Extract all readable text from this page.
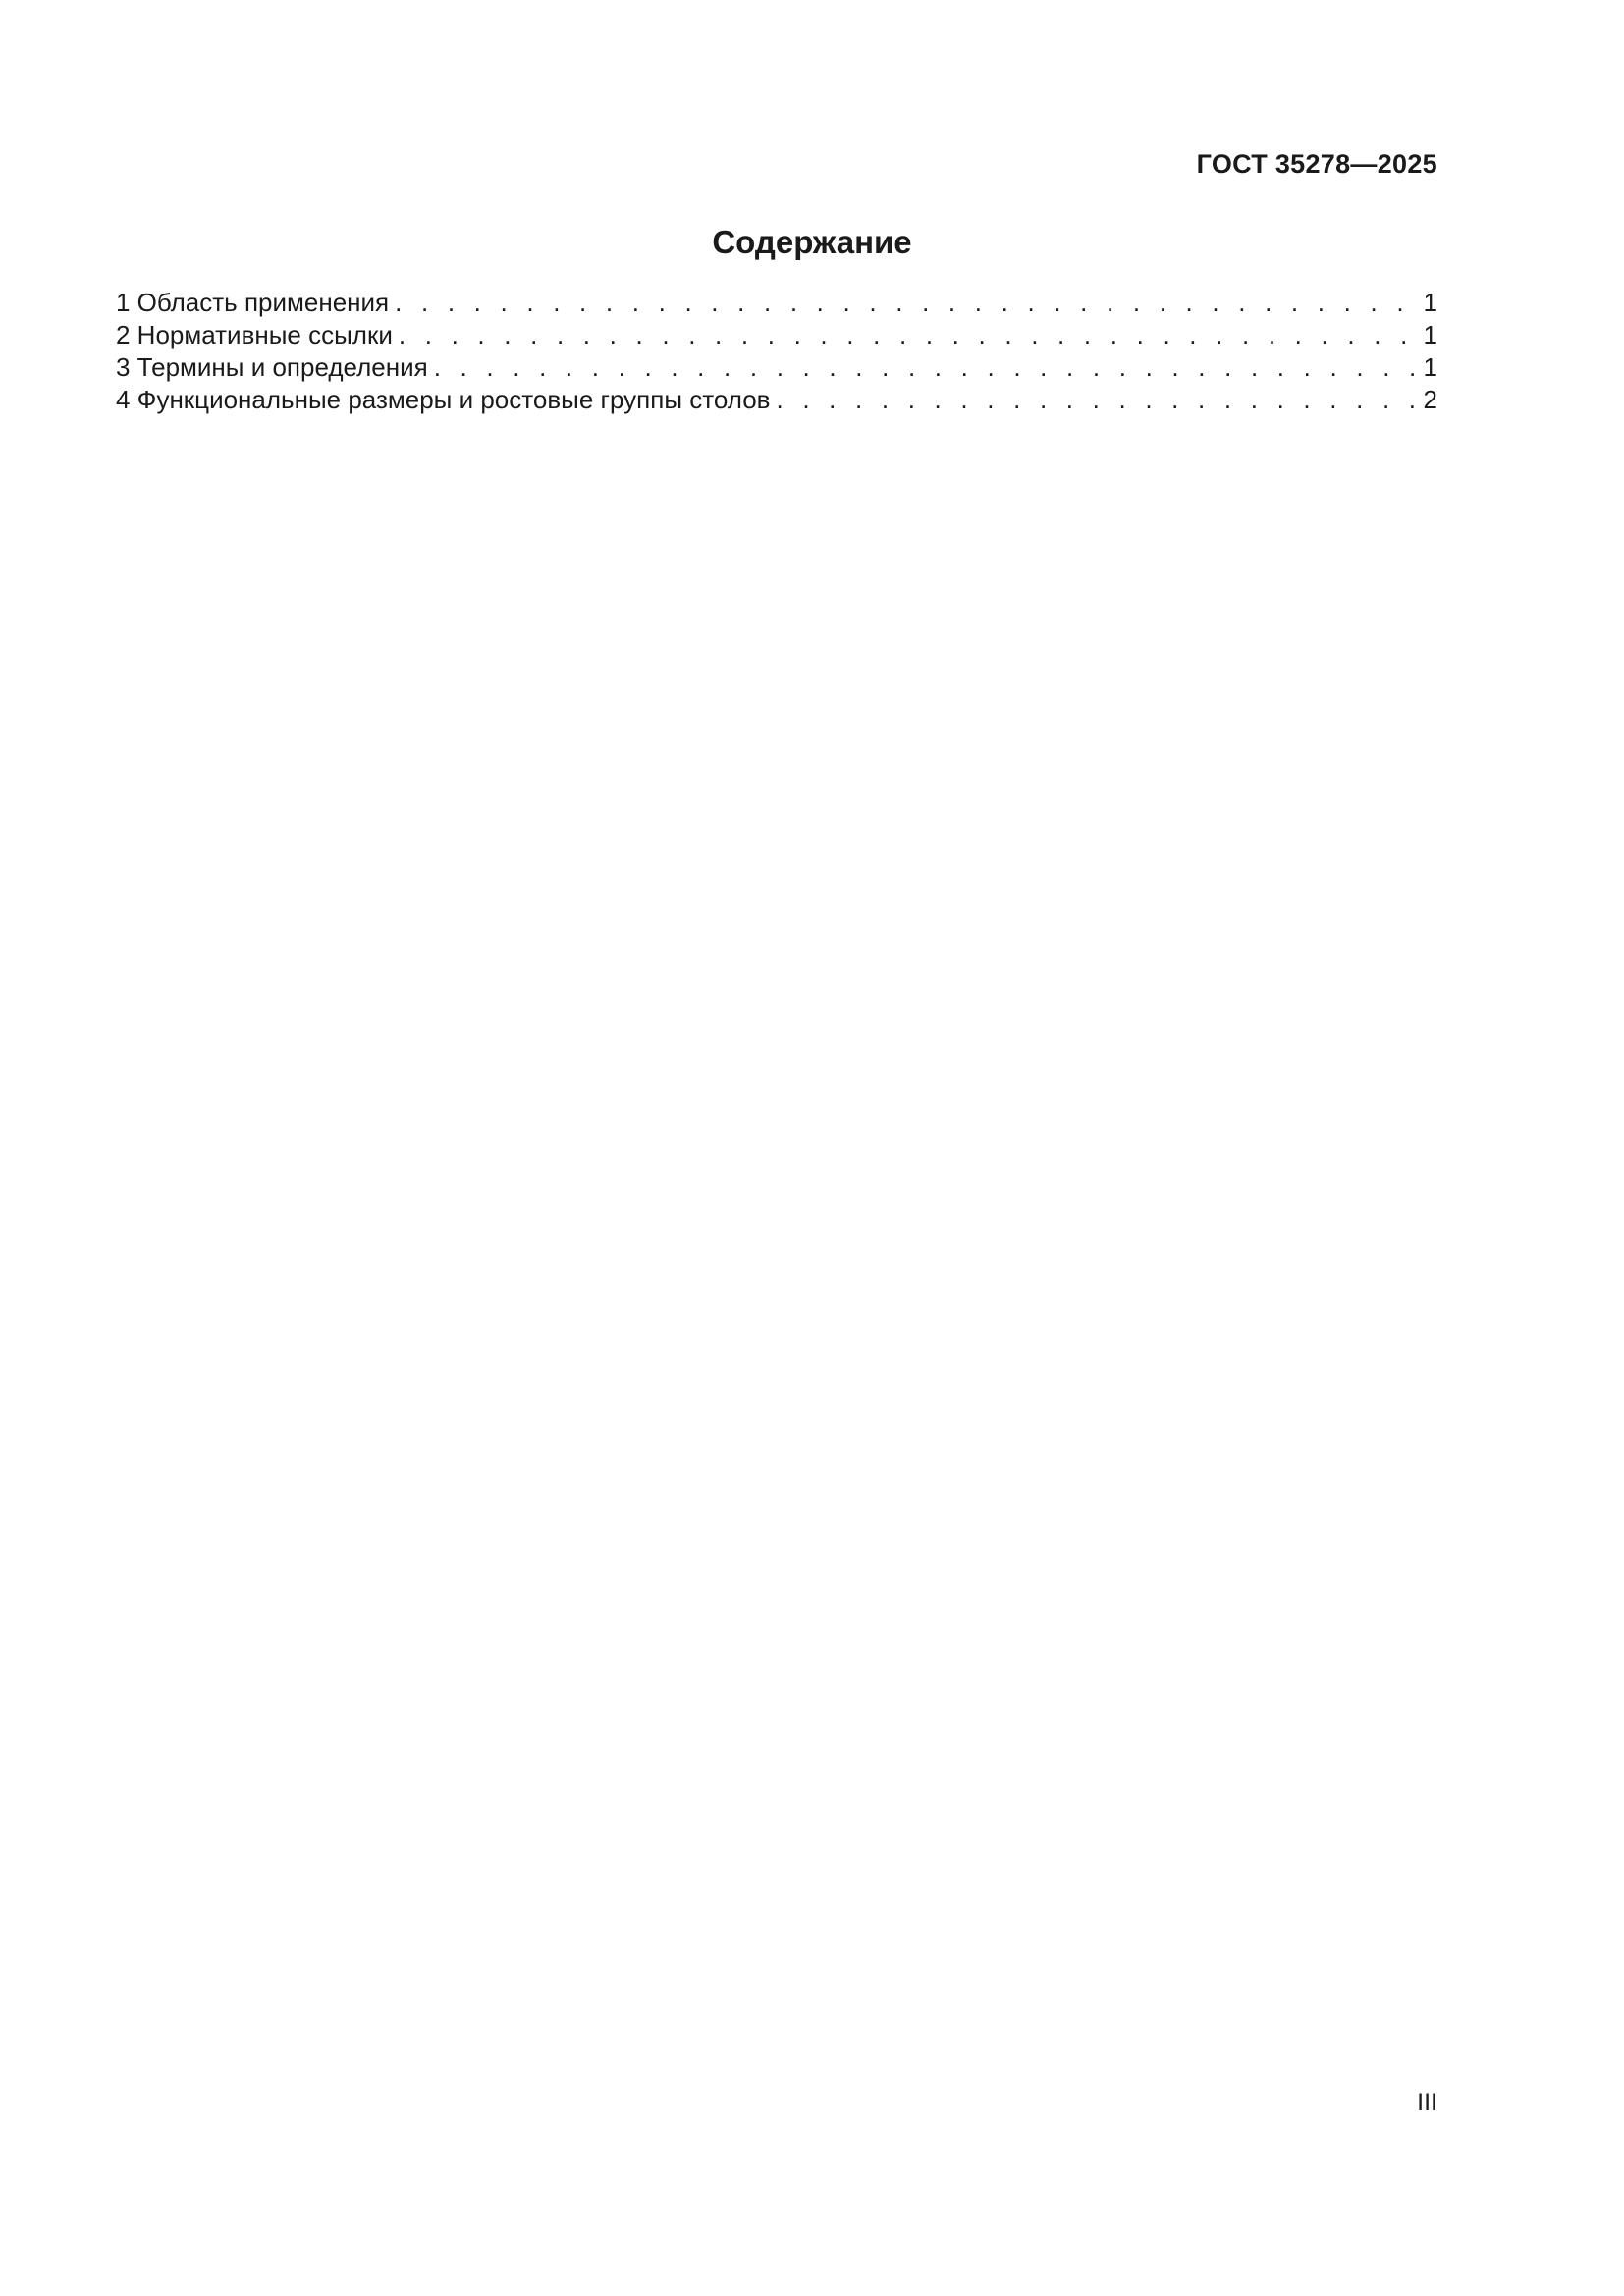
ГОСТ 35278—2025
Содержание
1 Область применения . . .	1
2 Нормативные ссылки . . .	1
3 Термины и определения . . .	1
4 Функциональные размеры и ростовые группы столов . . .	2
III
